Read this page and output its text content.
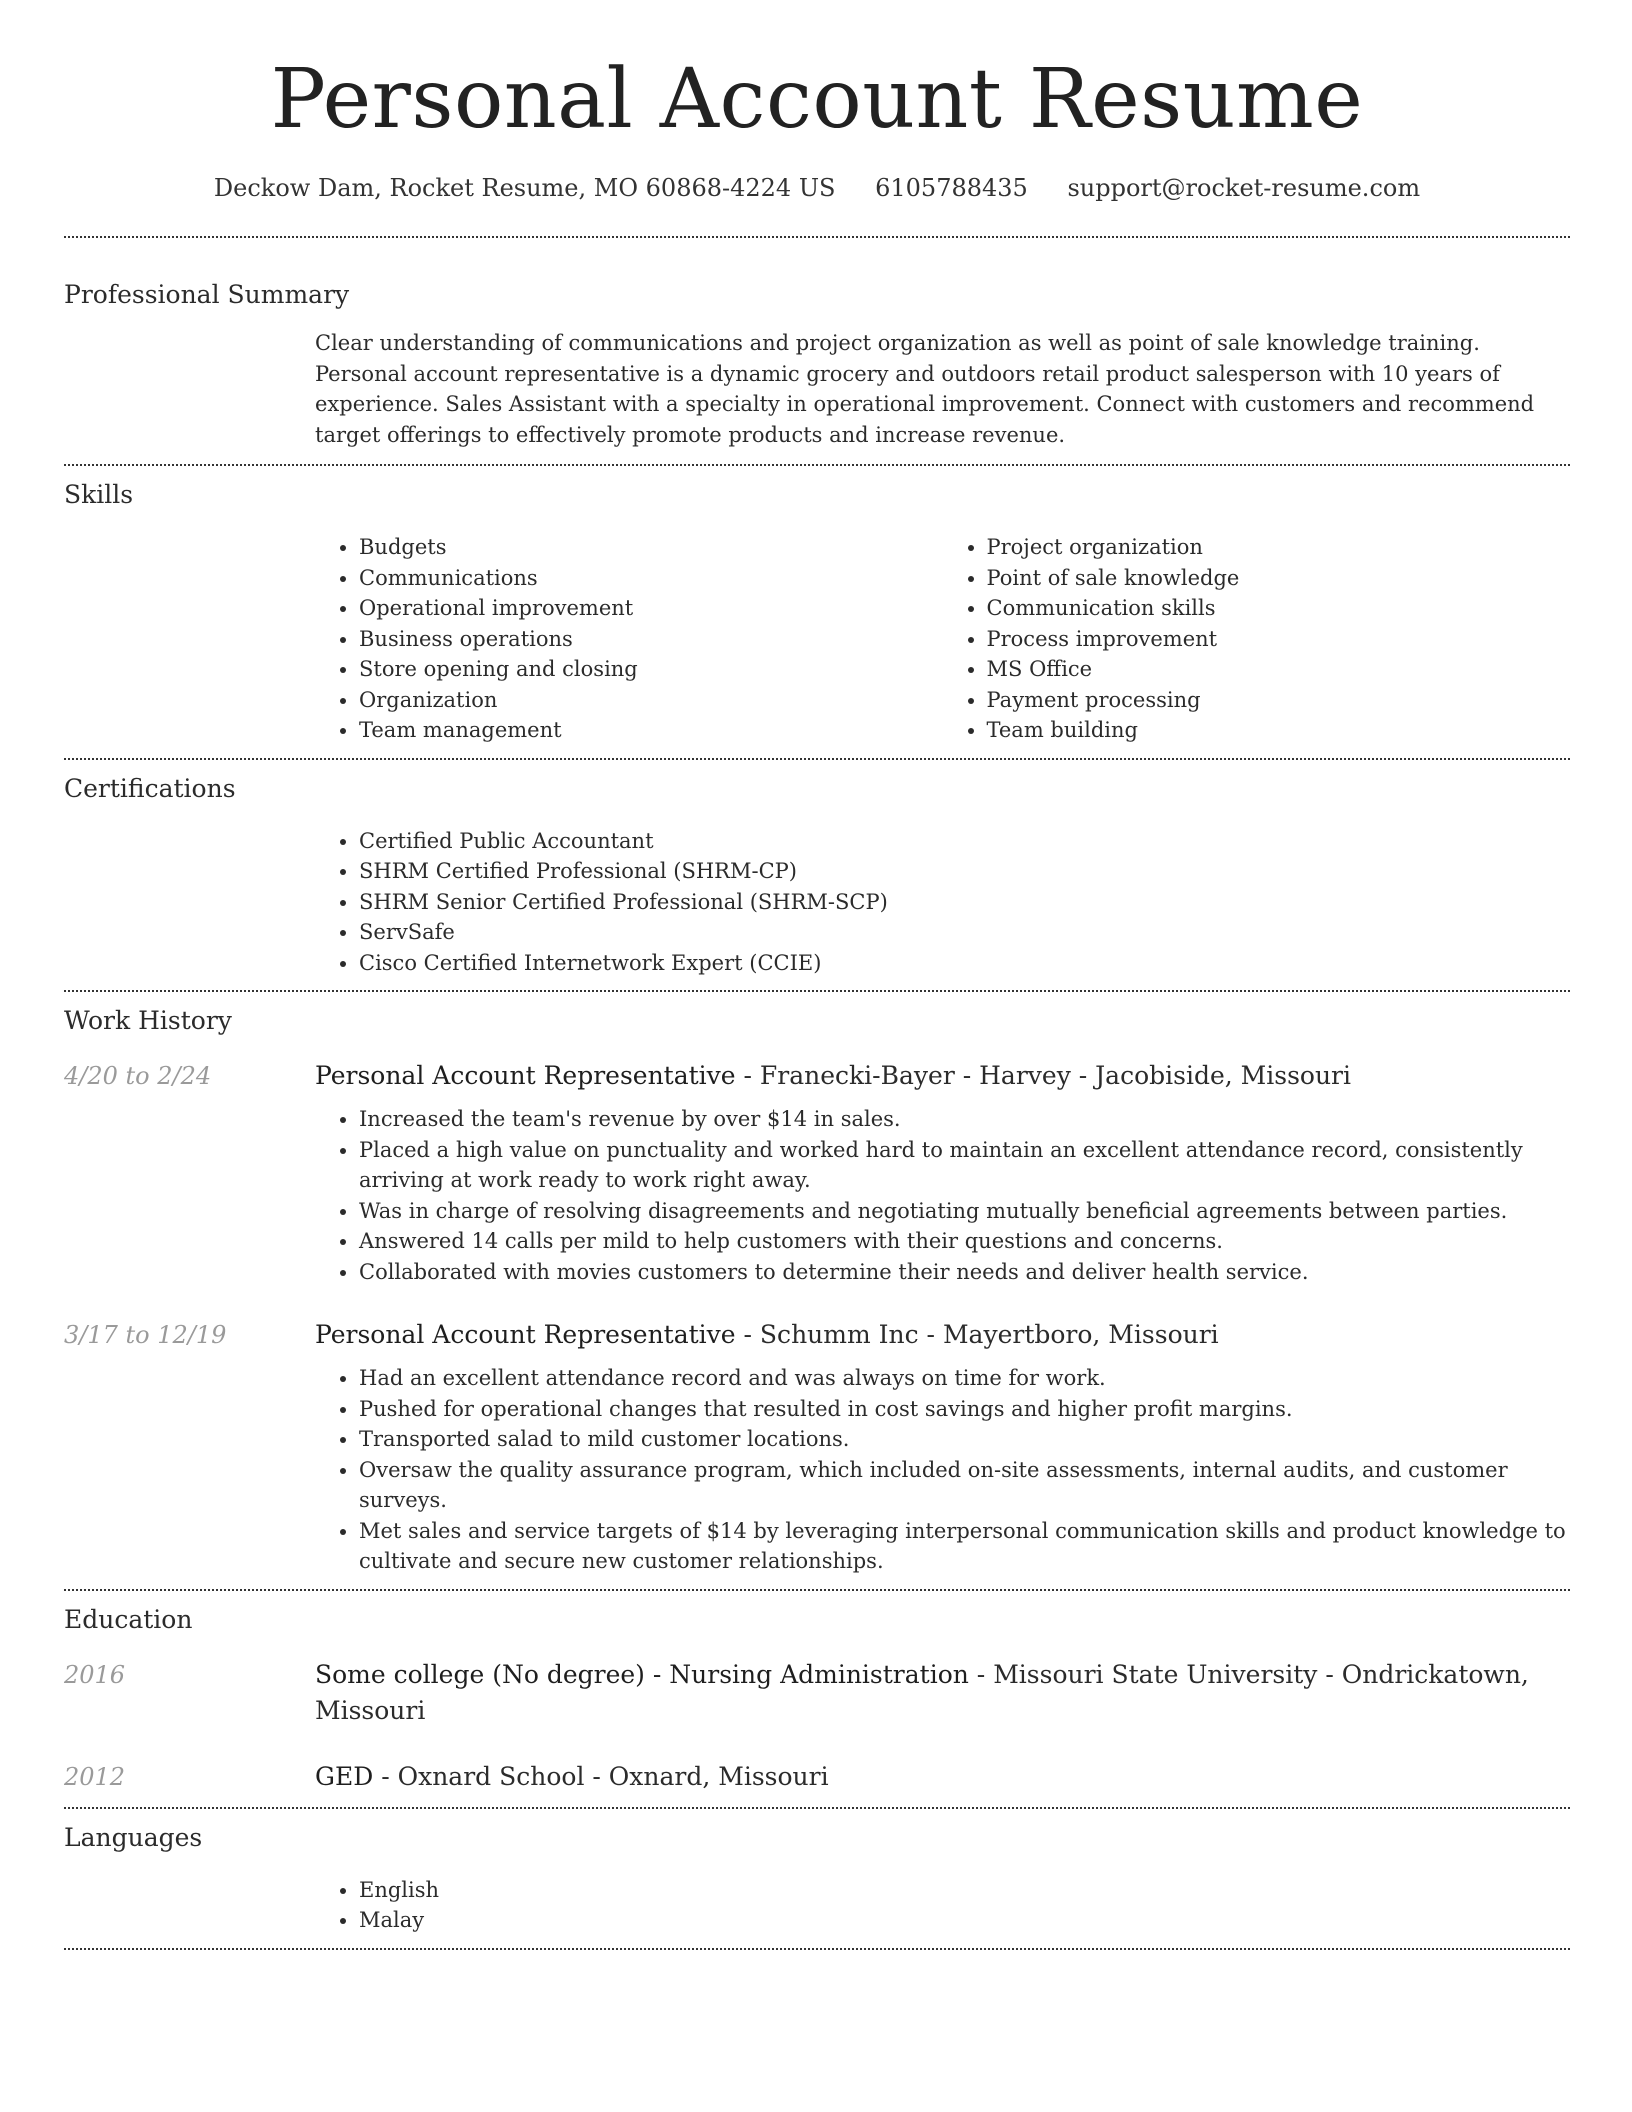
Personal Account Resume
Deckow Dam, Rocket Resume, MO 60868-4224 US 6105788435 support@rocket-resume.com
Professional Summary

Clear understanding of communications and project organization as well as point of sale knowledge training. Personal account representative is a dynamic grocery and outdoors retail product salesperson with 10 years of experience. Sales Assistant with a specialty in operational improvement. Connect with customers and recommend target offerings to effectively promote products and increase revenue.

Skills
• Budgets
• Communications
• Operational improvement
• Business operations
• Store opening and closing
• Organization
• Team management
• Project organization
• Point of sale knowledge
• Communication skills
• Process improvement
• MS Office
• Payment processing
• Team building
Certifications
• Certified Public Accountant
• SHRM Certified Professional (SHRM-CP)
• SHRM Senior Certified Professional (SHRM-SCP)
• ServSafe
• Cisco Certified Internetwork Expert (CCIE)
Work History
4/20 to 2/24	Personal Account Representative - Franecki-Bayer - Harvey - Jacobiside, Missouri
• Increased the team's revenue by over $14 in sales.
• Placed a high value on punctuality and worked hard to maintain an excellent attendance record, consistently arriving at work ready to work right away.
• Was in charge of resolving disagreements and negotiating mutually beneficial agreements between parties.
• Answered 14 calls per mild to help customers with their questions and concerns.
• Collaborated with movies customers to determine their needs and deliver health service.
3/17 to 12/19	Personal Account Representative - Schumm Inc - Mayertboro, Missouri
• Had an excellent attendance record and was always on time for work.
• Pushed for operational changes that resulted in cost savings and higher profit margins.
• Transported salad to mild customer locations.
• Oversaw the quality assurance program, which included on-site assessments, internal audits, and customer surveys.
• Met sales and service targets of $14 by leveraging interpersonal communication skills and product knowledge to cultivate and secure new customer relationships.
Education
2016	Some college (No degree) - Nursing Administration - Missouri State University - Ondrickatown, Missouri
2012	GED - Oxnard School - Oxnard, Missouri
Languages
• English
• Malay
